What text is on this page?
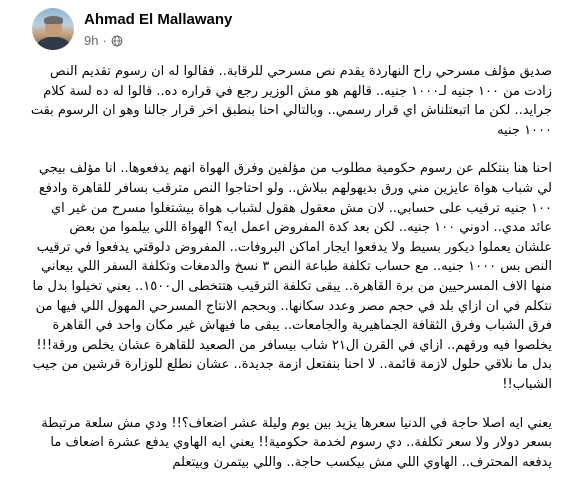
Ahmad El Mallawany
9h ·

صديق مؤلف مسرحي راح النهاردة يقدم نص مسرحي للرقابة.. فقالوا له ان رسوم تقديم النص زادت من ١٠٠ جنيه لـ١٠٠٠ جنيه.. قالهم هو مش الوزير رجع في قراره ده.. قالوا له ده لسة كلام جرايد.. لكن ما اتبعتلناش اي قرار رسمي.. وبالتالي احنا بنطبق اخر قرار جالنا وهو ان الرسوم بقت ١٠٠٠ جنيه

احنا هنا بنتكلم عن رسوم حكومية مطلوب من مؤلفين وفرق الهواة انهم يدفعوها.. انا مؤلف بيجي لي شباب هواة عايزين مني ورق بديهولهم ببلاش.. ولو احتاجوا النص مترقب بسافر للقاهرة وادفع ١٠٠ جنيه ترقيب على حسابي.. لان مش معقول هقول لشباب هواة بيشتغلوا مسرح من غير اي عائد مدي.. ادوني ١٠٠ جنيه.. لكن بعد كدة المفروض اعمل ايه؟ الهواة اللي بيلموا من بعض علشان يعملوا ديكور بسيط ولا يدفعوا ايجار اماكن البروفات.. المفروض دلوقتي يدفعوا في ترقيب النص بس ١٠٠٠ جنيه.. مع حساب تكلفة طباعة النص ٣ نسخ والدمغات وتكلفة السفر اللي بيعاني منها الاف المسرحيين من برة القاهرة.. يبقى تكلفة الترقيب هتتخطى ال١٥٠٠.. يعني تخيلوا بدل ما نتكلم في ان ازاي بلد في حجم مصر وعدد سكانها.. وبحجم الانتاج المسرحي المهول اللي فيها من فرق الشباب وفرق الثقافة الجماهيرية والجامعات.. يبقى ما فيهاش غير مكان واحد في القاهرة يخلصوا فيه ورقهم.. ازاي في القرن ال٢١ شاب بيسافر من الصعيد للقاهرة عشان يخلص ورقة!!! بدل ما نلاقي حلول لازمة قائمة.. لا احنا بنفتعل ازمة جديدة.. عشان نطلع للوزارة قرشين من جيب الشباب!!

يعني ايه اصلا حاجة في الدنيا سعرها يزيد بين يوم وليلة عشر اضعاف؟!! ودي مش سلعة مرتبطة بسعر دولار ولا سعر تكلفة.. دي رسوم لخدمة حكومية!! يعني ايه الهاوي يدفع عشرة اضعاف ما يدفعه المحترف.. الهاوي اللي مش بيكسب حاجة.. واللي بيتمرن وبيتعلم
